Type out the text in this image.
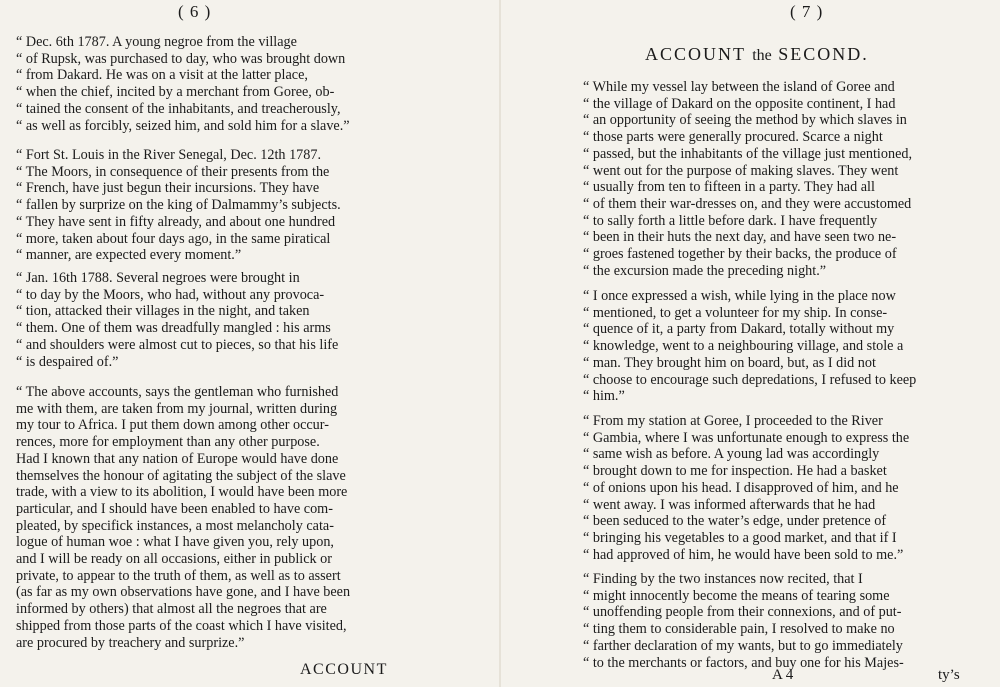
( 6 )
“ Dec. 6th 1787. A young negroe from the village
“ of Rupsk, was purchased to day, who was brought down
“ from Dakard. He was on a visit at the latter place,
“ when the chief, incited by a merchant from Goree, ob-
“ tained the consent of the inhabitants, and treacherously,
“ as well as forcibly, seized him, and sold him for a slave.”
“ Fort St. Louis in the River Senegal, Dec. 12th 1787.
“ The Moors, in consequence of their presents from the
“ French, have just begun their incursions. They have
“ fallen by surprize on the king of Dalmammy’s subjects.
“ They have sent in fifty already, and about one hundred
“ more, taken about four days ago, in the same piratical
“ manner, are expected every moment.”
“ Jan. 16th 1788. Several negroes were brought in
“ to day by the Moors, who had, without any provoca-
“ tion, attacked their villages in the night, and taken
“ them. One of them was dreadfully mangled : his arms
“ and shoulders were almost cut to pieces, so that his life
“ is despaired of.”
“ The above accounts, says the gentleman who furnished
me with them, are taken from my journal, written during
my tour to Africa. I put them down among other occur-
rences, more for employment than any other purpose.
Had I known that any nation of Europe would have done
themselves the honour of agitating the subject of the slave
trade, with a view to its abolition, I would have been more
particular, and I should have been enabled to have com-
pleated, by specifick instances, a most melancholy cata-
logue of human woe : what I have given you, rely upon,
and I will be ready on all occasions, either in publick or
private, to appear to the truth of them, as well as to assert
(as far as my own observations have gone, and I have been
informed by others) that almost all the negroes that are
shipped from those parts of the coast which I have visited,
are procured by treachery and surprize.”
ACCOUNT
( 7 )
ACCOUNT the SECOND.
“ While my vessel lay between the island of Goree and
“ the village of Dakard on the opposite continent, I had
“ an opportunity of seeing the method by which slaves in
“ those parts were generally procured. Scarce a night
“ passed, but the inhabitants of the village just mentioned,
“ went out for the purpose of making slaves. They went
“ usually from ten to fifteen in a party. They had all
“ of them their war-dresses on, and they were accustomed
“ to sally forth a little before dark. I have frequently
“ been in their huts the next day, and have seen two ne-
“ groes fastened together by their backs, the produce of
“ the excursion made the preceding night.”
“ I once expressed a wish, while lying in the place now
“ mentioned, to get a volunteer for my ship. In conse-
“ quence of it, a party from Dakard, totally without my
“ knowledge, went to a neighbouring village, and stole a
“ man. They brought him on board, but, as I did not
“ choose to encourage such depredations, I refused to keep
“ him.”
“ From my station at Goree, I proceeded to the River
“ Gambia, where I was unfortunate enough to express the
“ same wish as before. A young lad was accordingly
“ brought down to me for inspection. He had a basket
“ of onions upon his head. I disapproved of him, and he
“ went away. I was informed afterwards that he had
“ been seduced to the water’s edge, under pretence of
“ bringing his vegetables to a good market, and that if I
“ had approved of him, he would have been sold to me.”
“ Finding by the two instances now recited, that I
“ might innocently become the means of tearing some
“ unoffending people from their connexions, and of put-
“ ting them to considerable pain, I resolved to make no
“ farther declaration of my wants, but to go immediately
“ to the merchants or factors, and buy one for his Majes-
A 4	ty’s
